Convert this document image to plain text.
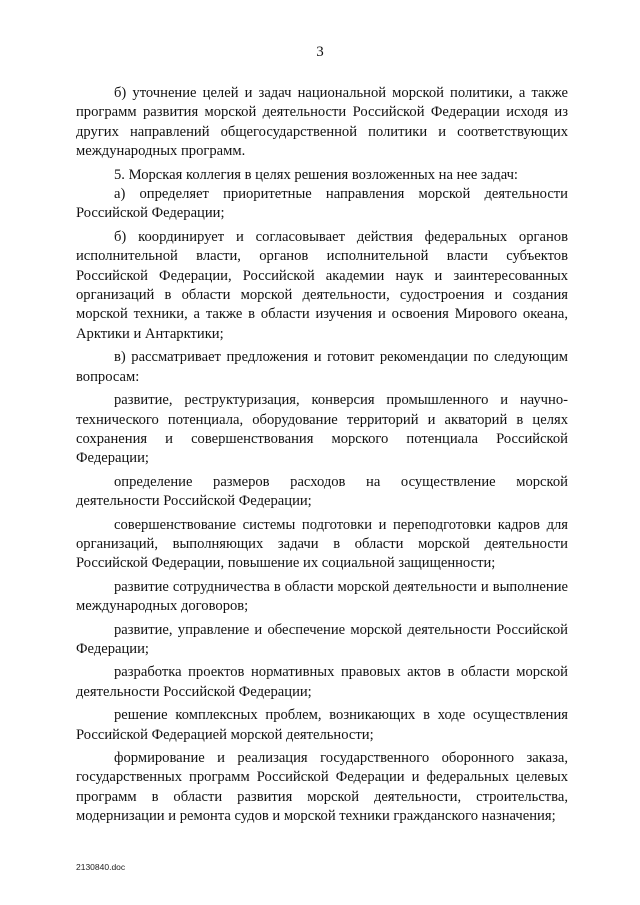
3

б) уточнение целей и задач национальной морской политики, а также программ развития морской деятельности Российской Федерации исходя из других направлений общегосударственной политики и соответствующих международных программ.

5. Морская коллегия в целях решения возложенных на нее задач:

а) определяет приоритетные направления морской деятельности Российской Федерации;

б) координирует и согласовывает действия федеральных органов исполнительной власти, органов исполнительной власти субъектов Российской Федерации, Российской академии наук и заинтересованных организаций в области морской деятельности, судостроения и создания морской техники, а также в области изучения и освоения Мирового океана, Арктики и Антарктики;

в) рассматривает предложения и готовит рекомендации по следующим вопросам:

развитие, реструктуризация, конверсия промышленного и научно-технического потенциала, оборудование территорий и акваторий в целях сохранения и совершенствования морского потенциала Российской Федерации;

определение размеров расходов на осуществление морской деятельности Российской Федерации;

совершенствование системы подготовки и переподготовки кадров для организаций, выполняющих задачи в области морской деятельности Российской Федерации, повышение их социальной защищенности;

развитие сотрудничества в области морской деятельности и выполнение международных договоров;

развитие, управление и обеспечение морской деятельности Российской Федерации;

разработка проектов нормативных правовых актов в области морской деятельности Российской Федерации;

решение комплексных проблем, возникающих в ходе осуществления Российской Федерацией морской деятельности;

формирование и реализация государственного оборонного заказа, государственных программ Российской Федерации и федеральных целевых программ в области развития морской деятельности, строительства, модернизации и ремонта судов и морской техники гражданского назначения;

2130840.doc
